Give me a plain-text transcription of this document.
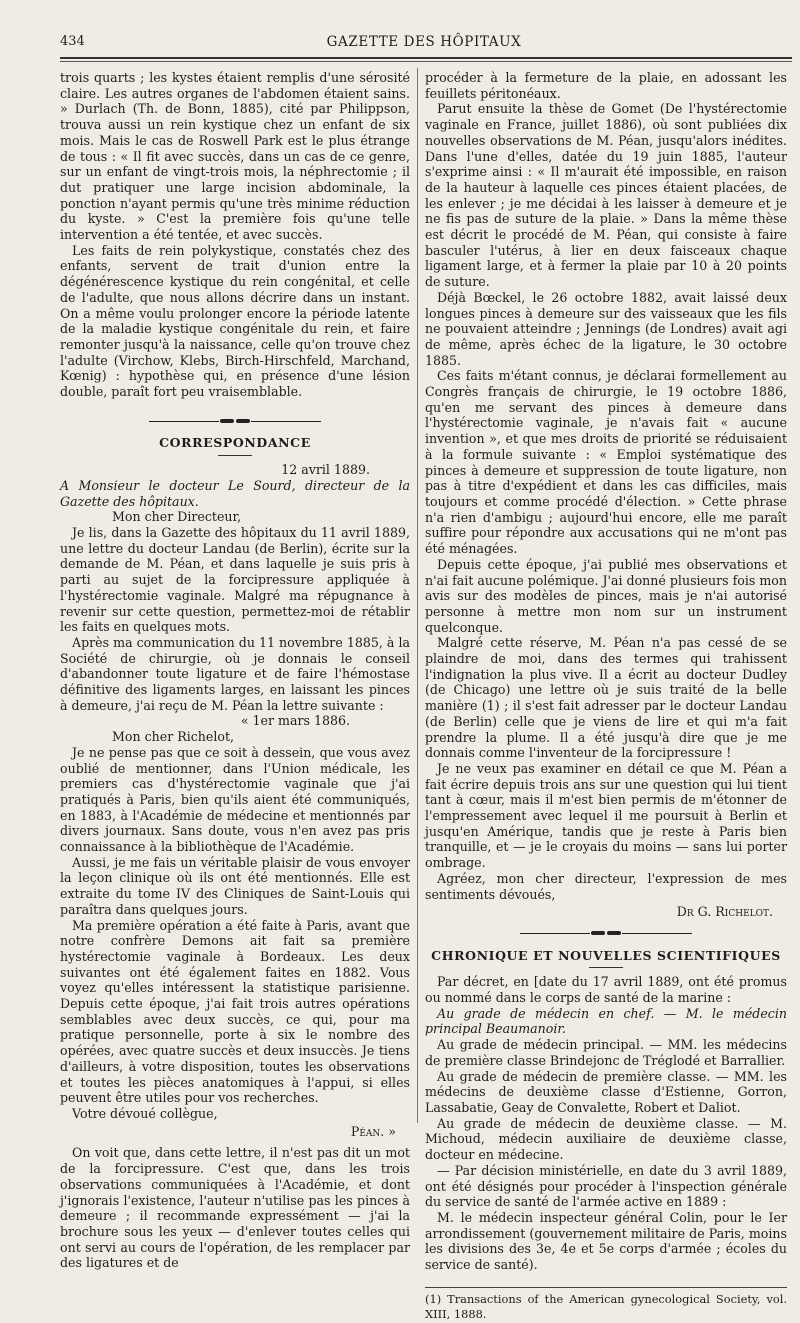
434	GAZETTE DES HÔPITAUX

trois quarts ; les kystes étaient remplis d'une sérosité claire. Les autres organes de l'abdomen étaient sains. » Durlach (Th. de Bonn, 1885), cité par Philippson, trouva aussi un rein kystique chez un enfant de six mois. Mais le cas de Roswell Park est le plus étrange de tous : « Il fit avec succès, dans un cas de ce genre, sur un enfant de vingt-trois mois, la néphrectomie ; il dut pratiquer une large incision abdominale, la ponction n'ayant permis qu'une très minime réduction du kyste. » C'est la première fois qu'une telle intervention a été tentée, et avec succès.

Les faits de rein polykystique, constatés chez des enfants, servent de trait d'union entre la dégénérescence kystique du rein congénital, et celle de l'adulte, que nous allons décrire dans un instant. On a même voulu prolonger encore la période latente de la maladie kystique congénitale du rein, et faire remonter jusqu'à la naissance, celle qu'on trouve chez l'adulte (Virchow, Klebs, Birch-Hirschfeld, Marchand, Kœnig) : hypothèse qui, en présence d'une lésion double, paraît fort peu vraisemblable.

CORRESPONDANCE

12 avril 1889.

A Monsieur le docteur Le Sourd, directeur de la Gazette des hôpitaux.

Mon cher Directeur,

Je lis, dans la Gazette des hôpitaux du 11 avril 1889, une lettre du docteur Landau (de Berlin), écrite sur la demande de M. Péan, et dans laquelle je suis pris à parti au sujet de la forcipressure appliquée à l'hystérectomie vaginale. Malgré ma répugnance à revenir sur cette question, permettez-moi de rétablir les faits en quelques mots.

Après ma communication du 11 novembre 1885, à la Société de chirurgie, où je donnais le conseil d'abandonner toute ligature et de faire l'hémostase définitive des ligaments larges, en laissant les pinces à demeure, j'ai reçu de M. Péan la lettre suivante :

« 1er mars 1886.

Mon cher Richelot,

Je ne pense pas que ce soit à dessein, que vous avez oublié de mentionner, dans l'Union médicale, les premiers cas d'hystérectomie vaginale que j'ai pratiqués à Paris, bien qu'ils aient été communiqués, en 1883, à l'Académie de médecine et mentionnés par divers journaux. Sans doute, vous n'en avez pas pris connaissance à la bibliothèque de l'Académie.

Aussi, je me fais un véritable plaisir de vous envoyer la leçon clinique où ils ont été mentionnés. Elle est extraite du tome IV des Cliniques de Saint-Louis qui paraîtra dans quelques jours.

Ma première opération a été faite à Paris, avant que notre confrère Demons ait fait sa première hystérectomie vaginale à Bordeaux. Les deux suivantes ont été également faites en 1882. Vous voyez qu'elles intéressent la statistique parisienne. Depuis cette époque, j'ai fait trois autres opérations semblables avec deux succès, ce qui, pour ma pratique personnelle, porte à six le nombre des opérées, avec quatre succès et deux insuccès. Je tiens d'ailleurs, à votre disposition, toutes les observations et toutes les pièces anatomiques à l'appui, si elles peuvent être utiles pour vos recherches.

Votre dévoué collègue,

Péan. »

On voit que, dans cette lettre, il n'est pas dit un mot de la forcipressure. C'est que, dans les trois observations communiquées à l'Académie, et dont j'ignorais l'existence, l'auteur n'utilise pas les pinces à demeure ; il recommande expressément — j'ai la brochure sous les yeux — d'enlever toutes celles qui ont servi au cours de l'opération, de les remplacer par des ligatures et de

procéder à la fermeture de la plaie, en adossant les feuillets péritonéaux.

Parut ensuite la thèse de Gomet (De l'hystérectomie vaginale en France, juillet 1886), où sont publiées dix nouvelles observations de M. Péan, jusqu'alors inédites. Dans l'une d'elles, datée du 19 juin 1885, l'auteur s'exprime ainsi : « Il m'aurait été impossible, en raison de la hauteur à laquelle ces pinces étaient placées, de les enlever ; je me décidai à les laisser à demeure et je ne fis pas de suture de la plaie. » Dans la même thèse est décrit le procédé de M. Péan, qui consiste à faire basculer l'utérus, à lier en deux faisceaux chaque ligament large, et à fermer la plaie par 10 à 20 points de suture.

Déjà Bœckel, le 26 octobre 1882, avait laissé deux longues pinces à demeure sur des vaisseaux que les fils ne pouvaient atteindre ; Jennings (de Londres) avait agi de même, après échec de la ligature, le 30 octobre 1885.

Ces faits m'étant connus, je déclarai formellement au Congrès français de chirurgie, le 19 octobre 1886, qu'en me servant des pinces à demeure dans l'hystérectomie vaginale, je n'avais fait « aucune invention », et que mes droits de priorité se réduisaient à la formule suivante : « Emploi systématique des pinces à demeure et suppression de toute ligature, non pas à titre d'expédient et dans les cas difficiles, mais toujours et comme procédé d'élection. » Cette phrase n'a rien d'ambigu ; aujourd'hui encore, elle me paraît suffire pour répondre aux accusations qui ne m'ont pas été ménagées.

Depuis cette époque, j'ai publié mes observations et n'ai fait aucune polémique. J'ai donné plusieurs fois mon avis sur des modèles de pinces, mais je n'ai autorisé personne à mettre mon nom sur un instrument quelconque.

Malgré cette réserve, M. Péan n'a pas cessé de se plaindre de moi, dans des termes qui trahissent l'indignation la plus vive. Il a écrit au docteur Dudley (de Chicago) une lettre où je suis traité de la belle manière (1) ; il s'est fait adresser par le docteur Landau (de Berlin) celle que je viens de lire et qui m'a fait prendre la plume. Il a été jusqu'à dire que je me donnais comme l'inventeur de la forcipressure !

Je ne veux pas examiner en détail ce que M. Péan a fait écrire depuis trois ans sur une question qui lui tient tant à cœur, mais il m'est bien permis de m'étonner de l'empressement avec lequel il me poursuit à Berlin et jusqu'en Amérique, tandis que je reste à Paris bien tranquille, et — je le croyais du moins — sans lui porter ombrage.

Agréez, mon cher directeur, l'expression de mes sentiments dévoués,

Dr G. Richelot.

CHRONIQUE ET NOUVELLES SCIENTIFIQUES

Par décret, en [date du 17 avril 1889, ont été promus ou nommé dans le corps de santé de la marine :

Au grade de médecin en chef. — M. le médecin principal Beaumanoir.

Au grade de médecin principal. — MM. les médecins de première classe Brindejonc de Tréglodé et Barrallier.

Au grade de médecin de première classe. — MM. les médecins de deuxième classe d'Estienne, Gorron, Lassabatie, Geay de Convalette, Robert et Daliot.

Au grade de médecin de deuxième classe. — M. Michoud, médecin auxiliaire de deuxième classe, docteur en médecine.

— Par décision ministérielle, en date du 3 avril 1889, ont été désignés pour procéder à l'inspection générale du service de santé de l'armée active en 1889 :

M. le médecin inspecteur général Colin, pour le Ier arrondissement (gouvernement militaire de Paris, moins les divisions des 3e, 4e et 5e corps d'armée ; écoles du service de santé).

(1) Transactions of the American gynecological Society, vol. XIII, 1888.
